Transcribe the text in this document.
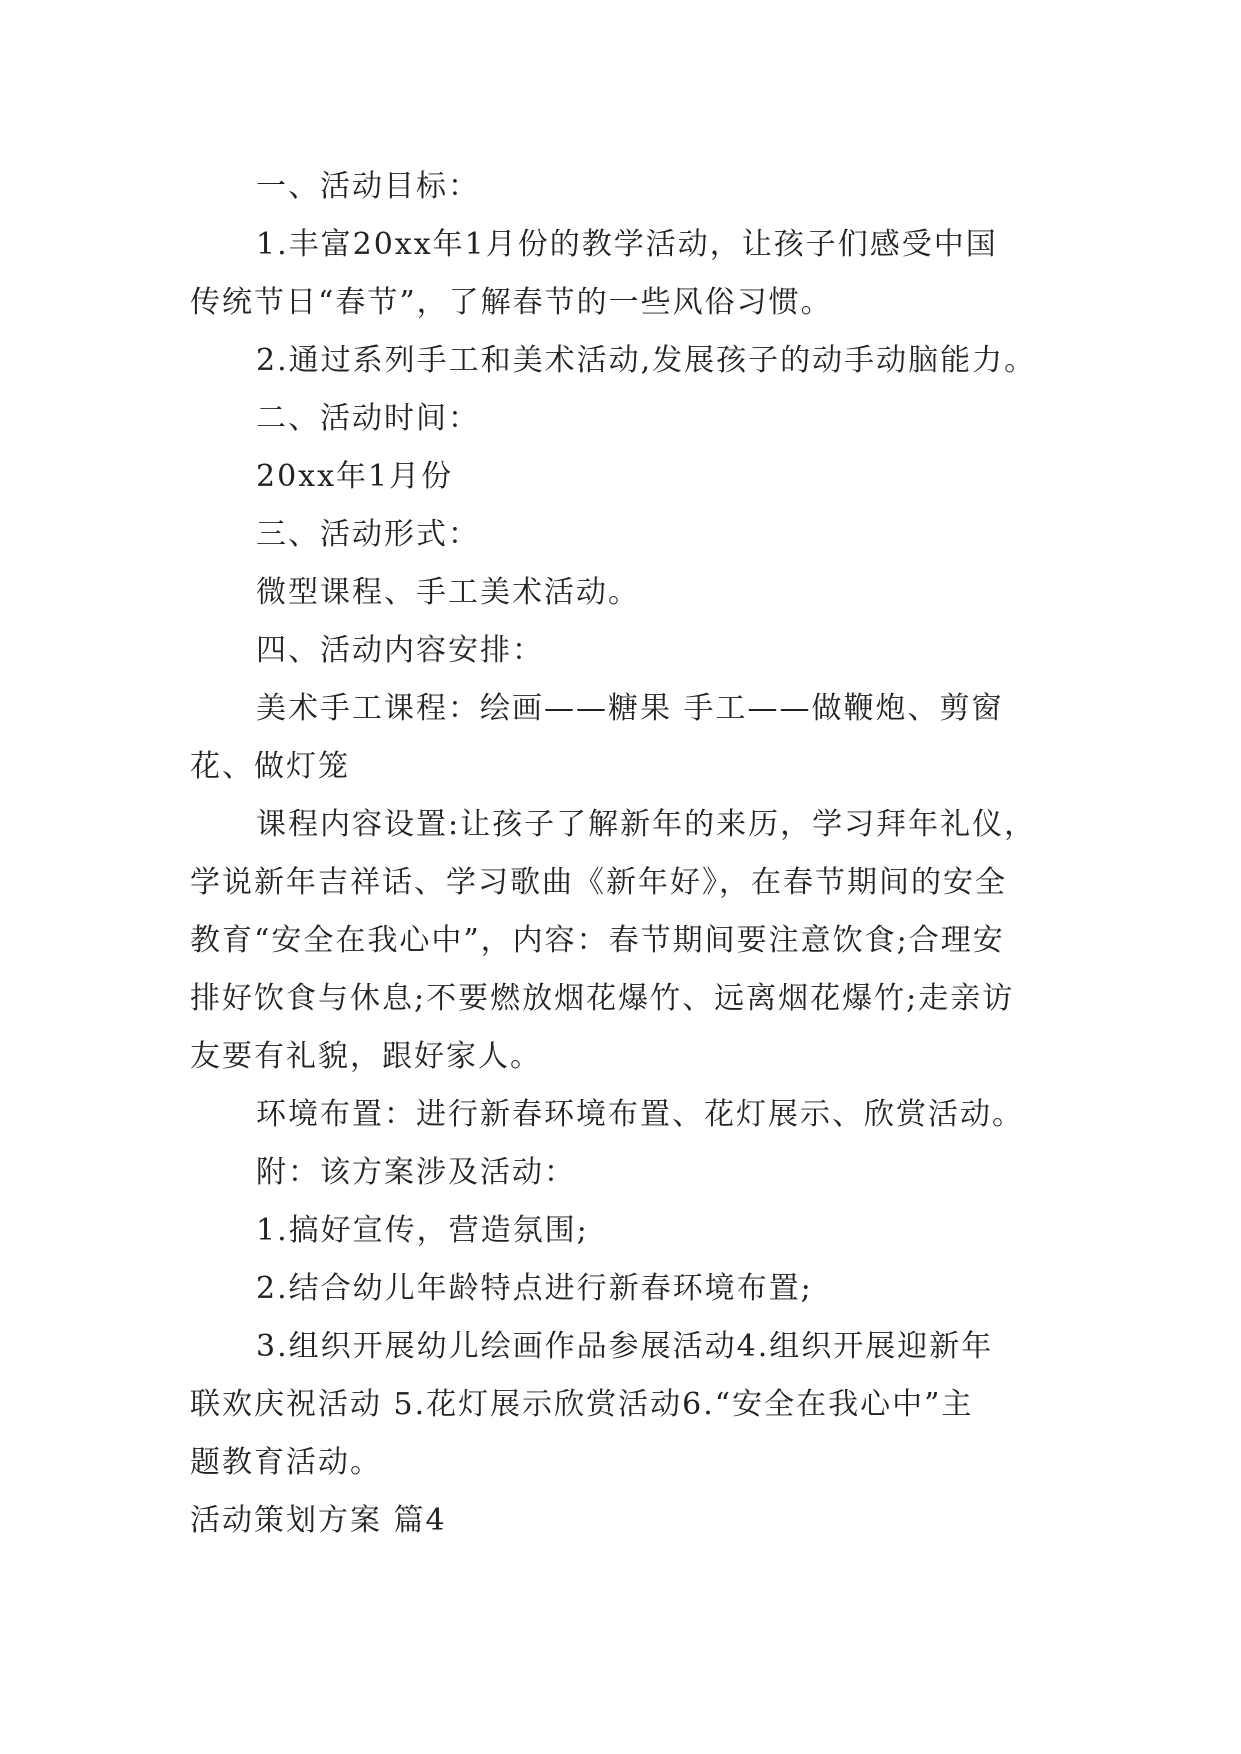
一、活动目标：

1.丰富20xx年1月份的教学活动，让孩子们感受中国
传统节日“春节”，了解春节的一些风俗习惯。

2.通过系列手工和美术活动,发展孩子的动手动脑能力。

二、活动时间：

20xx年1月份

三、活动形式：

微型课程、手工美术活动。

四、活动内容安排：

美术手工课程：绘画——糖果 手工——做鞭炮、剪窗
花、做灯笼

课程内容设置:让孩子了解新年的来历，学习拜年礼仪，
学说新年吉祥话、学习歌曲《新年好》，在春节期间的安全
教育“安全在我心中”，内容：春节期间要注意饮食;合理安
排好饮食与休息;不要燃放烟花爆竹、远离烟花爆竹;走亲访
友要有礼貌，跟好家人。

环境布置：进行新春环境布置、花灯展示、欣赏活动。

附：该方案涉及活动：

1.搞好宣传，营造氛围;

2.结合幼儿年龄特点进行新春环境布置;

3.组织开展幼儿绘画作品参展活动4.组织开展迎新年
联欢庆祝活动 5.花灯展示欣赏活动6.“安全在我心中”主
题教育活动。

活动策划方案 篇4
